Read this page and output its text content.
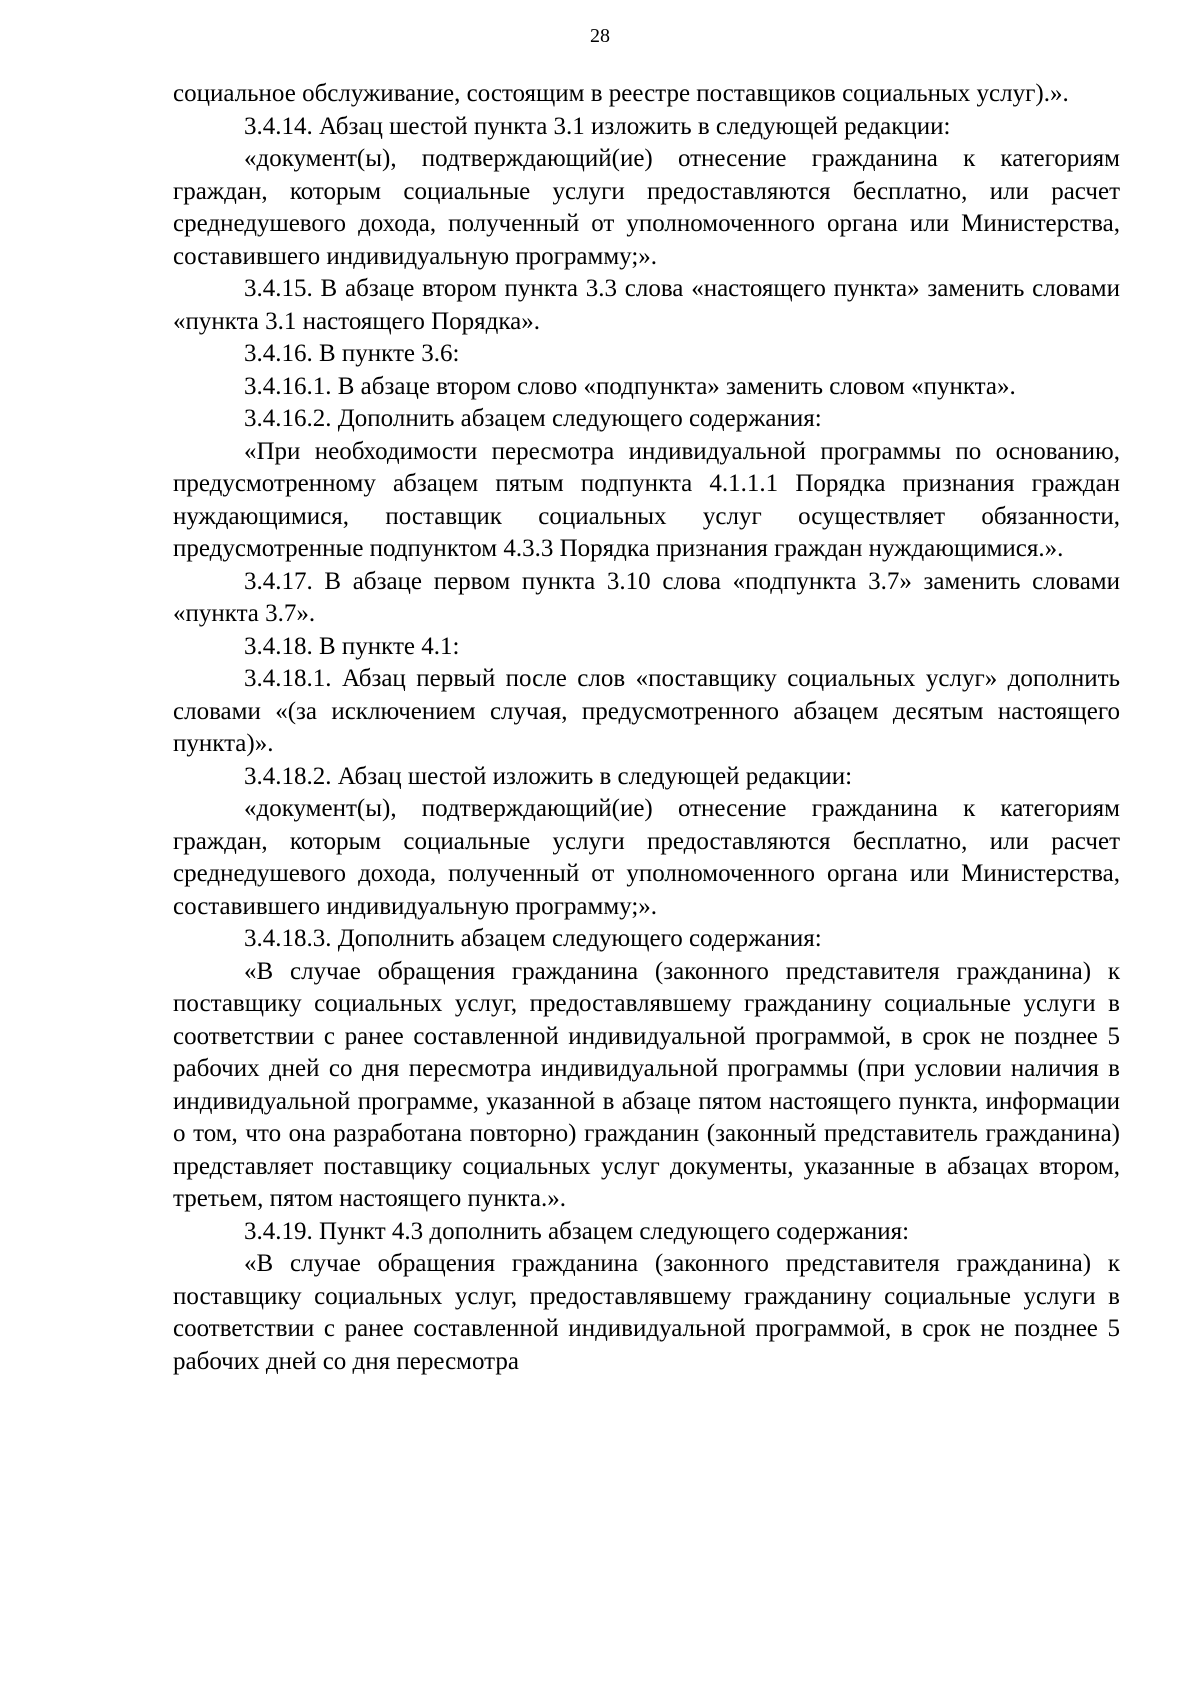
28

социальное обслуживание, состоящим в реестре поставщиков социальных услуг).».

3.4.14. Абзац шестой пункта 3.1 изложить в следующей редакции:

«документ(ы), подтверждающий(ие) отнесение гражданина к категориям граждан, которым социальные услуги предоставляются бесплатно, или расчет среднедушевого дохода, полученный от уполномоченного органа или Министерства, составившего индивидуальную программу;».

3.4.15. В абзаце втором пункта 3.3 слова «настоящего пункта» заменить словами «пункта 3.1 настоящего Порядка».

3.4.16. В пункте 3.6:

3.4.16.1. В абзаце втором слово «подпункта» заменить словом «пункта».

3.4.16.2. Дополнить абзацем следующего содержания:

«При необходимости пересмотра индивидуальной программы по основанию, предусмотренному абзацем пятым подпункта 4.1.1.1 Порядка признания граждан нуждающимися, поставщик социальных услуг осуществляет обязанности, предусмотренные подпунктом 4.3.3 Порядка признания граждан нуждающимися.».

3.4.17. В абзаце первом пункта 3.10 слова «подпункта 3.7» заменить словами «пункта 3.7».

3.4.18. В пункте 4.1:

3.4.18.1. Абзац первый после слов «поставщику социальных услуг» дополнить словами «(за исключением случая, предусмотренного абзацем десятым настоящего пункта)».

3.4.18.2. Абзац шестой изложить в следующей редакции:

«документ(ы), подтверждающий(ие) отнесение гражданина к категориям граждан, которым социальные услуги предоставляются бесплатно, или расчет среднедушевого дохода, полученный от уполномоченного органа или Министерства, составившего индивидуальную программу;».

3.4.18.3. Дополнить абзацем следующего содержания:

«В случае обращения гражданина (законного представителя гражданина) к поставщику социальных услуг, предоставлявшему гражданину социальные услуги в соответствии с ранее составленной индивидуальной программой, в срок не позднее 5 рабочих дней со дня пересмотра индивидуальной программы (при условии наличия в индивидуальной программе, указанной в абзаце пятом настоящего пункта, информации о том, что она разработана повторно) гражданин (законный представитель гражданина) представляет поставщику социальных услуг документы, указанные в абзацах втором, третьем, пятом настоящего пункта.».

3.4.19. Пункт 4.3 дополнить абзацем следующего содержания:

«В случае обращения гражданина (законного представителя гражданина) к поставщику социальных услуг, предоставлявшему гражданину социальные услуги в соответствии с ранее составленной индивидуальной программой, в срок не позднее 5 рабочих дней со дня пересмотра
